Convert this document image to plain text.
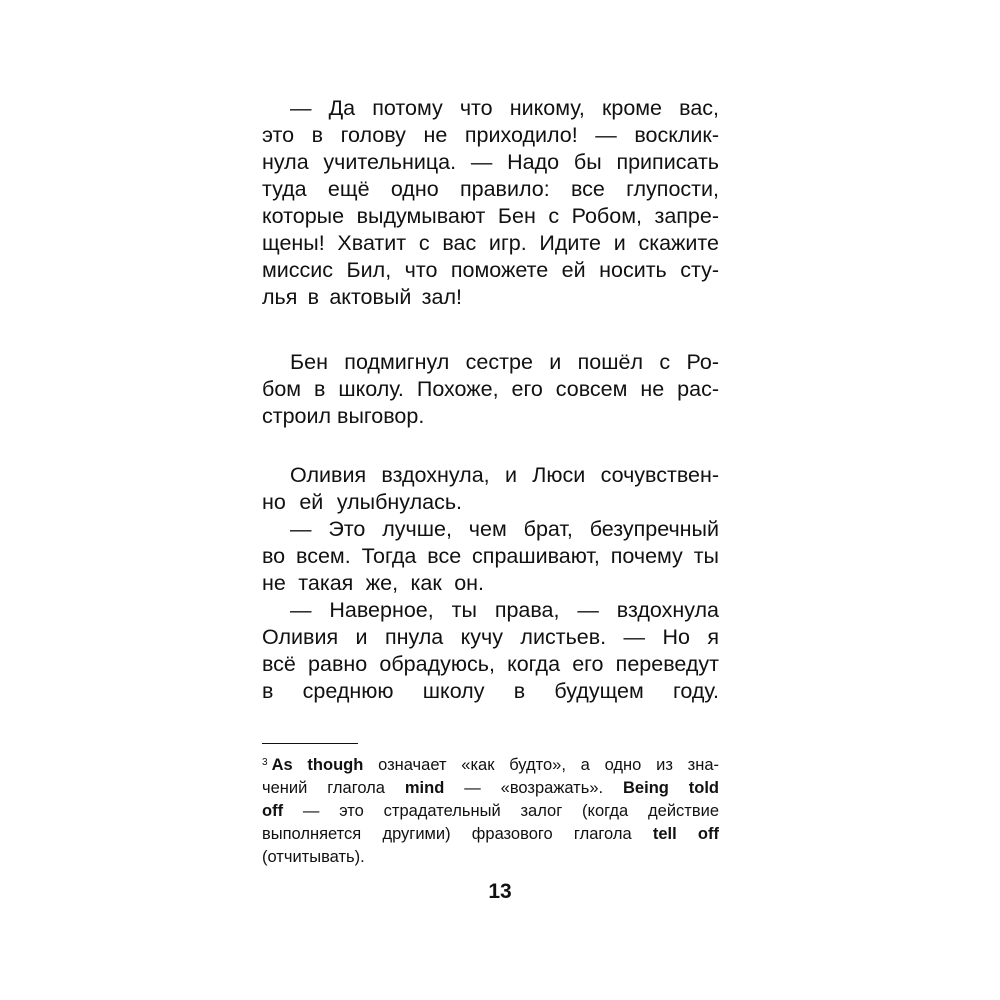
— Да потому что никому, кроме вас,
это в голову не приходило! — восклик-
нула учительница. — Надо бы приписать
туда ещё одно правило: все глупости,
которые выдумывают Бен с Робом, запре-
щены! Хватит с вас игр. Идите и скажите
миссис Бил, что поможете ей носить сту-
лья в актовый зал!
Бен подмигнул сестре и пошёл с Ро-
бом в школу. Похоже, его совсем не рас-
строил выговор.
Оливия вздохнула, и Люси сочувствен-
но ей улыбнулась.
— Это лучше, чем брат, безупречный
во всем. Тогда все спрашивают, почему ты
не такая же, как он.
— Наверное, ты права, — вздохнула
Оливия и пнула кучу листьев. — Но я
всё равно обрадуюсь, когда его переведут
в среднюю школу в будущем году.
$^3$ As though означает «как будто», а одно из зна-
чений глагола mind — «возражать». Being told
off — это страдательный залог (когда действие
выполняется другими) фразового глагола tell off
(отчитывать).
13
